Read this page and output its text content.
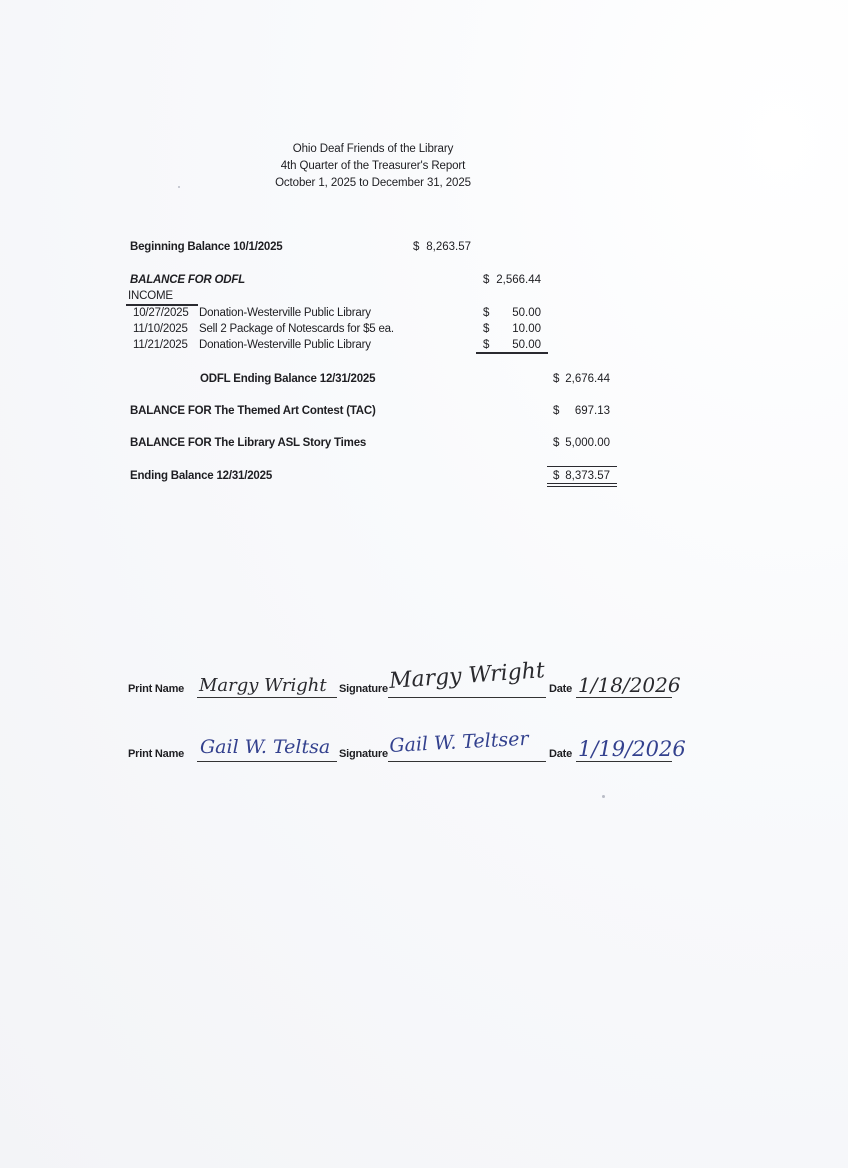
Ohio Deaf Friends of the Library
4th Quarter of the Treasurer's Report
October 1, 2025 to December 31, 2025
Beginning Balance 10/1/2025	$ 8,263.57
BALANCE FOR ODFL	$ 2,566.44
INCOME
10/27/2025 Donation-Westerville Public Library	$ 50.00
11/10/2025 Sell 2 Package of Notescards for $5 ea.	$ 10.00
11/21/2025 Donation-Westerville Public Library	$ 50.00
ODFL Ending Balance 12/31/2025	$ 2,676.44
BALANCE FOR The Themed Art Contest (TAC)	$ 697.13
BALANCE FOR The Library ASL Story Times	$ 5,000.00
Ending Balance 12/31/2025	$ 8,373.57
Print Name Margy Wright Signature Margy Wright Date 1/18/2026
Print Name Gail W. Teltsa Signature Gail W. Teltser Date 1/19/2026
